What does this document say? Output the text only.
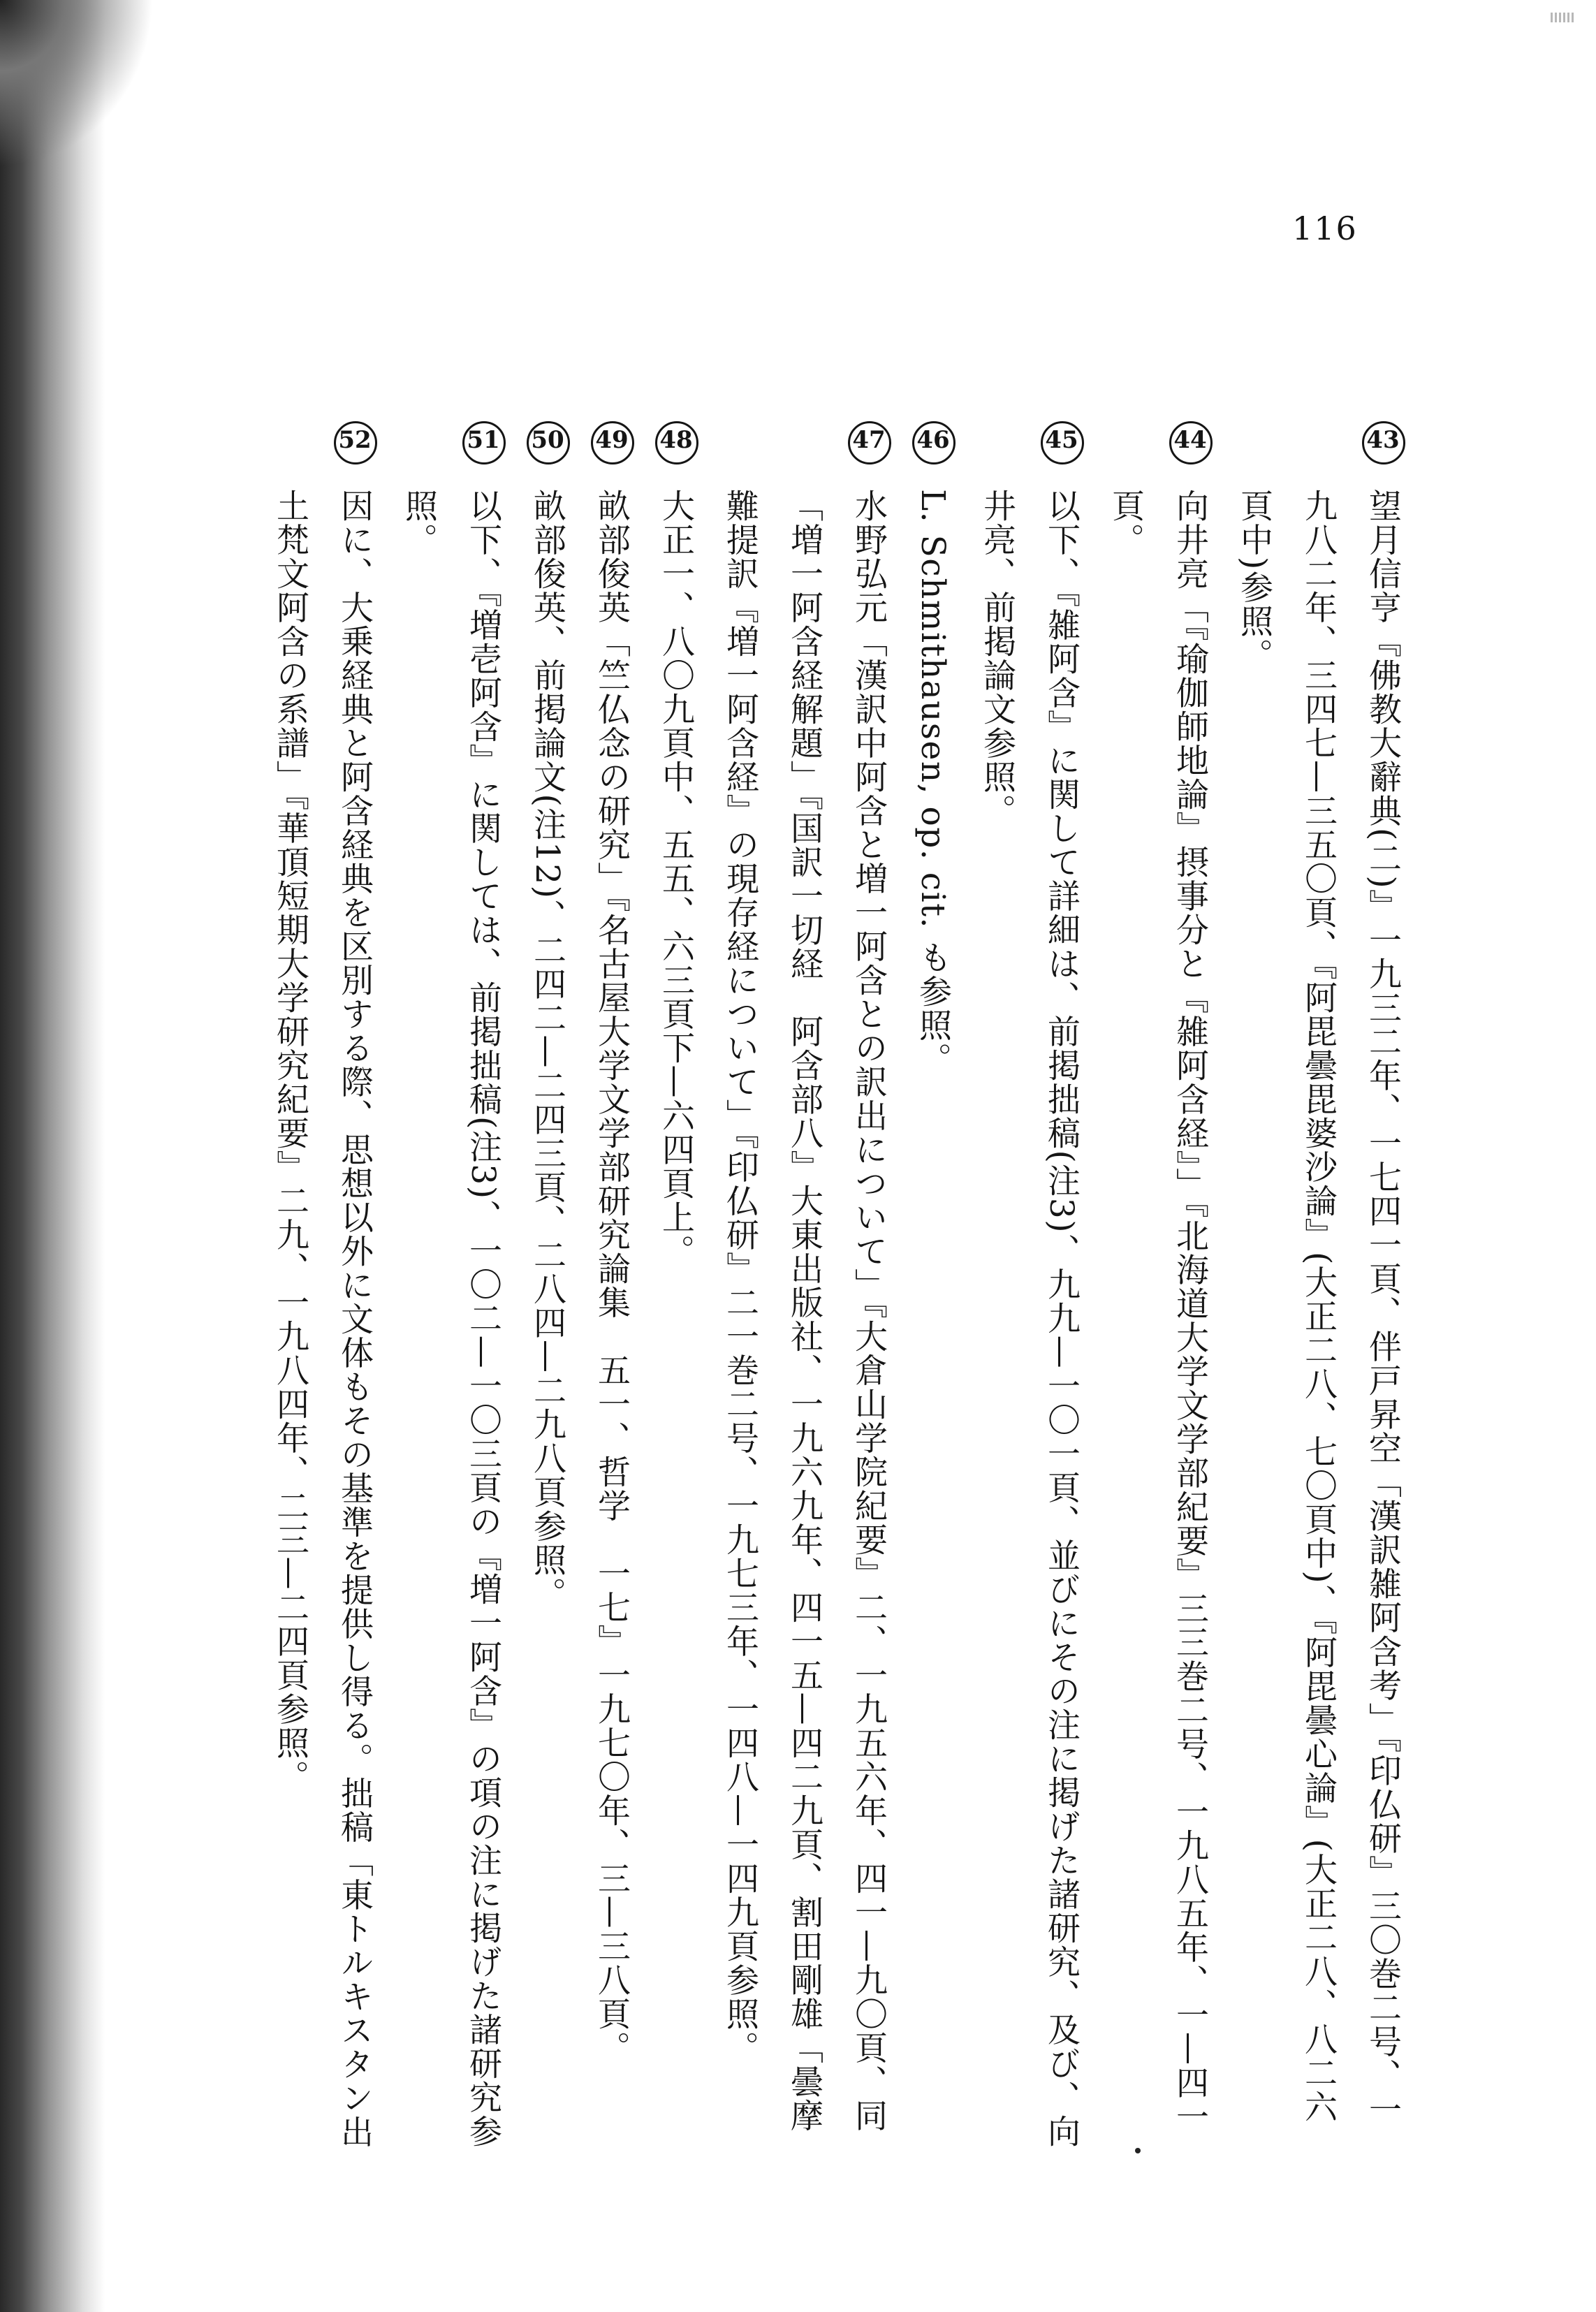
116

43
望月信亨『佛教大辭典(二)』一九三二年、一七四一頁、伴戸昇空「漢訳雑阿含考」『印仏研』三〇巻二号、一九八二年、三四七—三五〇頁、『阿毘曇毘婆沙論』(大正二八、七〇頁中)、『阿毘曇心論』(大正二八、八二六頁中)参照。

44
向井亮「『瑜伽師地論』摂事分と『雑阿含経』」『北海道大学文学部紀要』三三巻二号、一九八五年、一—四一頁。

45
以下、『雑阿含』に関して詳細は、前掲拙稿(注3)、九九—一〇一頁、並びにその注に掲げた諸研究、及び、向井亮、前掲論文参照。

46
L. Schmithausen, op. cit. も参照。

47
水野弘元「漢訳中阿含と増一阿含との訳出について」『大倉山学院紀要』二、一九五六年、四一—九〇頁、同「増一阿含経解題」『国訳一切経　阿含部八』大東出版社、一九六九年、四一五—四二九頁、割田剛雄「曇摩難提訳『増一阿含経』の現存経について」『印仏研』二一巻二号、一九七三年、一四八—一四九頁参照。

48
大正一、八〇九頁中、五五、六三頁下—六四頁上。

49
畝部俊英「竺仏念の研究」『名古屋大学文学部研究論集　五一、哲学　一七』一九七〇年、三—三八頁。

50
畝部俊英、前掲論文(注12)、二四二—二四三頁、二八四—二九八頁参照。

51
以下、『増壱阿含』に関しては、前掲拙稿(注3)、一〇二—一〇三頁の『増一阿含』の項の注に掲げた諸研究参照。

52
因に、大乗経典と阿含経典を区別する際、思想以外に文体もその基準を提供し得る。拙稿「東トルキスタン出土梵文阿含の系譜」『華頂短期大学研究紀要』二九、一九八四年、二三—二四頁参照。
